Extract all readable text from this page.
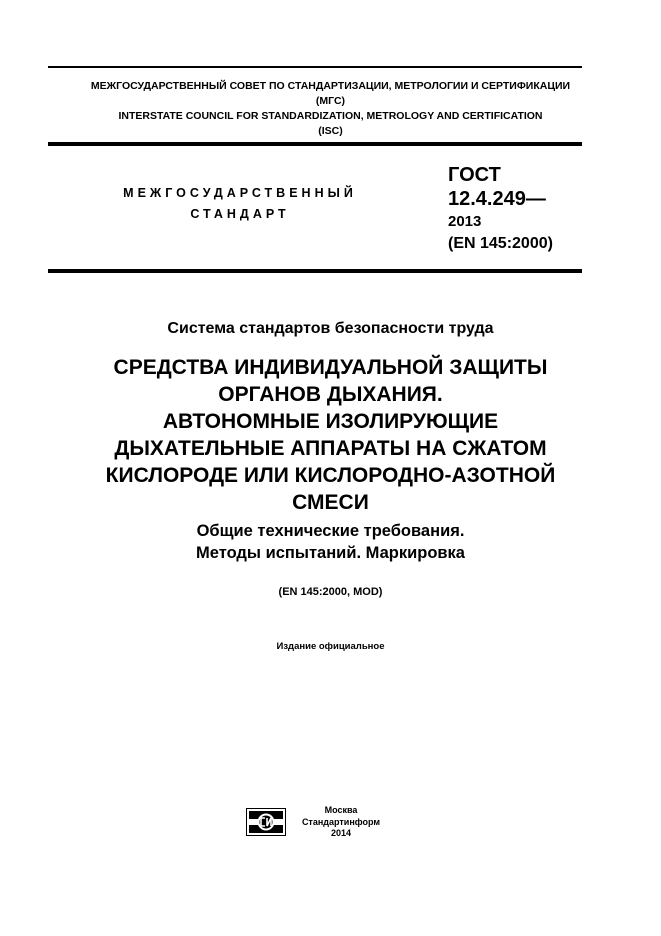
МЕЖГОСУДАРСТВЕННЫЙ СОВЕТ ПО СТАНДАРТИЗАЦИИ, МЕТРОЛОГИИ И СЕРТИФИКАЦИИ
(МГС)
INTERSTATE COUNCIL FOR STANDARDIZATION, METROLOGY AND CERTIFICATION
(ISC)
МЕЖГОСУДАРСТВЕННЫЙ
СТАНДАРТ
ГОСТ
12.4.249—
2013
(EN 145:2000)
Система стандартов безопасности труда
СРЕДСТВА ИНДИВИДУАЛЬНОЙ ЗАЩИТЫ
ОРГАНОВ ДЫХАНИЯ.
АВТОНОМНЫЕ ИЗОЛИРУЮЩИЕ
ДЫХАТЕЛЬНЫЕ АППАРАТЫ НА СЖАТОМ
КИСЛОРОДЕ ИЛИ КИСЛОРОДНО-АЗОТНОЙ
СМЕСИ
Общие технические требования.
Методы испытаний. Маркировка
(EN 145:2000, MOD)
Издание официальное
Москва
Стандартинформ
2014
